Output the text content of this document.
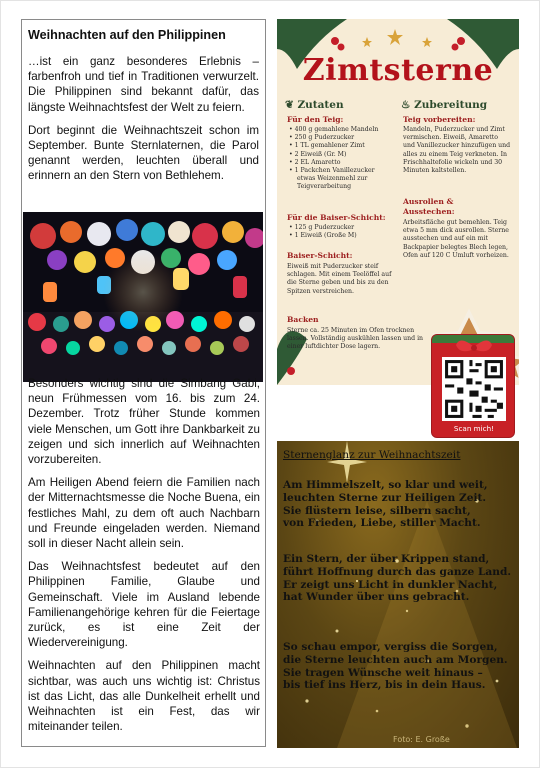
Weihnachten auf den Philippinen

…ist ein ganz besonderes Erlebnis – farbenfroh und tief in Traditionen verwurzelt. Die Philippinen sind bekannt dafür, das längste Weihnachtsfest der Welt zu feiern.

Dort beginnt die Weihnachtszeit schon im September. Bunte Sternlaternen, die Parol genannt werden, leuchten überall und erinnern an den Stern von Bethlehem.

Besonders wichtig sind die Simbang Gabi, neun Frühmessen vom 16. bis zum 24. Dezember. Trotz früher Stunde kommen viele Menschen, um Gott ihre Dankbarkeit zu zeigen und sich innerlich auf Weihnachten vorzubereiten.

Am Heiligen Abend feiern die Familien nach der Mitternachtsmesse die Noche Buena, ein festliches Mahl, zu dem oft auch Nachbarn und Freunde eingeladen werden. Niemand soll in dieser Nacht allein sein.

Das Weihnachtsfest bedeutet auf den Philippinen Familie, Glaube und Gemeinschaft. Viele im Ausland lebende Familienangehörige kehren für die Feiertage zurück, es ist eine Zeit der Wiedervereinigung.

Weihnachten auf den Philippinen macht sichtbar, was auch uns wichtig ist: Christus ist das Licht, das alle Dunkelheit erhellt und Weihnachten ist ein Fest, das wir miteinander teilen.

Zimtsterne
❦ Zutaten	♨ Zubereitung
Für den Teig:
• 400 g gemahlene Mandeln
• 250 g Puderzucker
• 1 TL gemahlener Zimt
• 2 Eiweiß (Gr. M)
• 2 EL Amaretto
• 1 Packchen Vanillezucker
etwas Weizenmehl zur Teigverarbeitung
Für die Baiser-Schicht:
• 125 g Puderzucker
• 1 Eiweiß (Große M)
Baiser-Schicht:
Eiweiß mit Puderzucker steif schlagen. Mit einem Teelöffel auf die Sterne geben und bis zu den Spitzen verstreichen.
Backen
Sterne ca. 25 Minuten im Ofen trocknen lassen. Vollständig auskühlen lassen und in einer luftdichter Dose lagern.
Teig vorbereiten:
Mandeln, Puderzucker und Zimt vermischen. Eiweiß, Amaretto und Vanillezucker hinzufügen und alles zu einem Teig verkneten. In Frischhaltefolie wickeln und 30 Minuten kaltstellen.
Ausrollen & Ausstechen:
Arbeitsfläche gut bemehlen. Teig etwa 5 mm dick ausrollen. Sterne ausstechen und auf ein mit Backpapier belegtes Blech legen, Ofen auf 120 C Umluft vorheizen.
Scan mich!
Sternenglanz zur Weihnachtszeit
Am Himmelszelt, so klar und weit,
leuchten Sterne zur Heiligen Zeit.
Sie flüstern leise, silbern sacht,
von Frieden, Liebe, stiller Macht.
Ein Stern, der über Krippen stand,
führt Hoffnung durch das ganze Land.
Er zeigt uns Licht in dunkler Nacht,
hat Wunder über uns gebracht.
So schau empor, vergiss die Sorgen,
die Sterne leuchten auch am Morgen.
Sie tragen Wünsche weit hinaus –
bis tief ins Herz, bis in dein Haus.
Foto: E. Große
